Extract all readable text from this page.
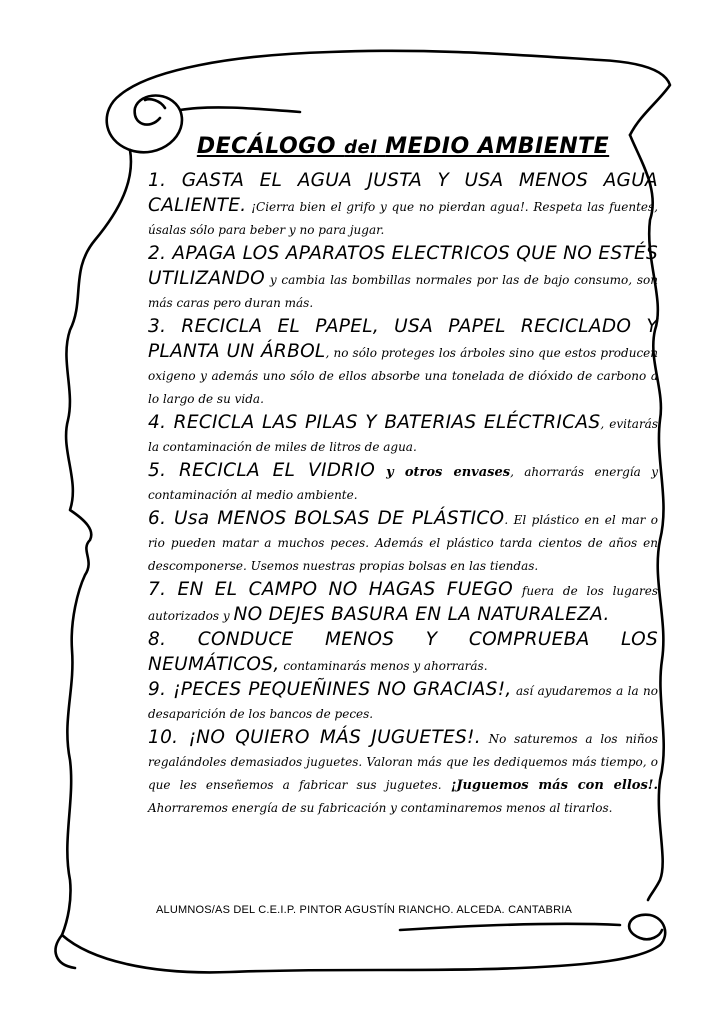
DECÁLOGO del MEDIO AMBIENTE
1. GASTA EL AGUA JUSTA Y USA MENOS AGUA CALIENTE. ¡Cierra bien el grifo y que no pierdan agua!. Respeta las fuentes, úsalas sólo para beber y no para jugar.
2. APAGA LOS APARATOS ELECTRICOS QUE NO ESTÉS UTILIZANDO y cambia las bombillas normales por las de bajo consumo, son más caras pero duran más.
3. RECICLA EL PAPEL, USA PAPEL RECICLADO Y PLANTA UN ÁRBOL, no sólo proteges los árboles sino que estos producen oxigeno y además uno sólo de ellos absorbe una tonelada de dióxido de carbono a lo largo de su vida.
4. RECICLA LAS PILAS Y BATERIAS ELÉCTRICAS, evitarás la contaminación de miles de litros de agua.
5. RECICLA EL VIDRIO y otros envases, ahorrarás energía y contaminación al medio ambiente.
6. Usa MENOS BOLSAS DE PLÁSTICO. El plástico en el mar o rio pueden matar a muchos peces. Además el plástico tarda cientos de años en descomponerse. Usemos nuestras propias bolsas en las tiendas.
7. EN EL CAMPO NO HAGAS FUEGO fuera de los lugares autorizados y NO DEJES BASURA EN LA NATURALEZA.
8. CONDUCE MENOS Y COMPRUEBA LOS NEUMÁTICOS, contaminarás menos y ahorrarás.
9. ¡PECES PEQUEÑINES NO GRACIAS!, así ayudaremos a la no desaparición de los bancos de peces.
10. ¡NO QUIERO MÁS JUGUETES!. No saturemos a los niños regalándoles demasiados juguetes. Valoran más que les dediquemos más tiempo, o que les enseñemos a fabricar sus juguetes. ¡Juguemos más con ellos!. Ahorraremos energía de su fabricación y contaminaremos menos al tirarlos.
ALUMNOS/AS DEL C.E.I.P. PINTOR AGUSTÍN RIANCHO. ALCEDA. CANTABRIA
